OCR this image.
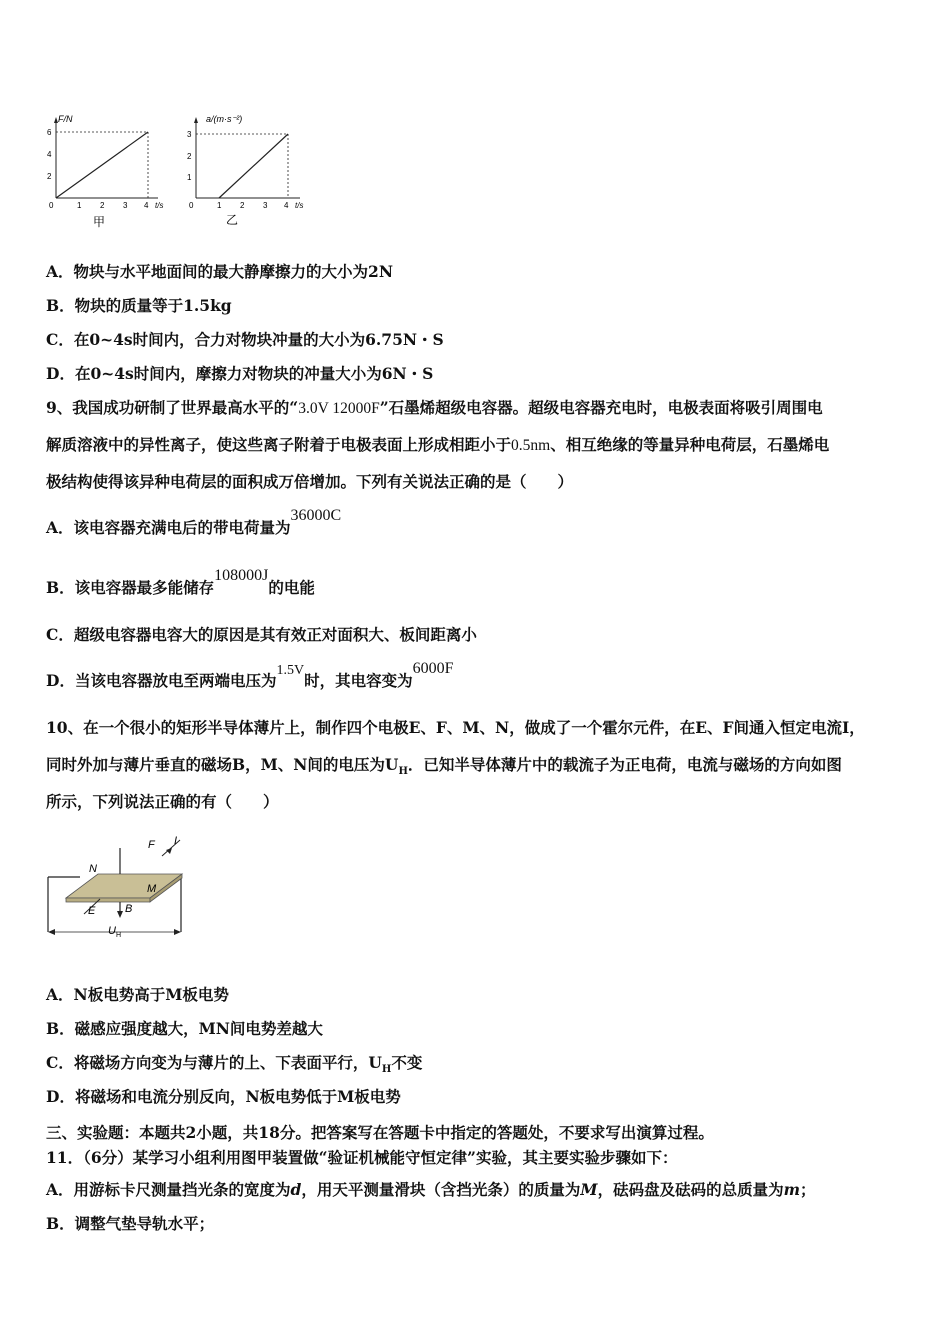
F/N
6
4
2
0	1 2 3 4 t/s
甲
a/(m·s⁻²)
3
2
1
0	1 2 3 4 t/s
乙
A．物块与水平地面间的最大静摩擦力的大小为2N
B．物块的质量等于1.5kg
C．在0~4s时间内，合力对物块冲量的大小为6.75N・S
D．在0~4s时间内，摩擦力对物块的冲量大小为6N・S
9、我国成功研制了世界最高水平的“3.0V 12000F”石墨烯超级电容器。超级电容器充电时，电极表面将吸引周围电
解质溶液中的异性离子，使这些离子附着于电极表面上形成相距小于0.5nm、相互绝缘的等量异种电荷层，石墨烯电
极结构使得该异种电荷层的面积成万倍增加。下列有关说法正确的是（　　）
A．该电容器充满电后的带电荷量为36000C
B．该电容器最多能储存108000J的电能
C．超级电容器电容大的原因是其有效正对面积大、板间距离小
D．当该电容器放电至两端电压为1.5V时，其电容变为6000F
10、在一个很小的矩形半导体薄片上，制作四个电极E、F、M、N，做成了一个霍尔元件，在E、F间通入恒定电流I，
同时外加与薄片垂直的磁场B，M、N间的电压为$U_H$．已知半导体薄片中的载流子为正电荷，电流与磁场的方向如图
所示，下列说法正确的有（　　）
F I
N
M
E	B
U H
A．N板电势高于M板电势
B．磁感应强度越大，MN间电势差越大
C．将磁场方向变为与薄片的上、下表面平行，$U_H$不变
D．将磁场和电流分别反向，N板电势低于M板电势
三、实验题：本题共2小题，共18分。把答案写在答题卡中指定的答题处，不要求写出演算过程。
11．（6分）某学习小组利用图甲装置做“验证机械能守恒定律”实验，其主要实验步骤如下：
A．用游标卡尺测量挡光条的宽度为d，用天平测量滑块（含挡光条）的质量为M，砝码盘及砝码的总质量为m；
B．调整气垫导轨水平；
